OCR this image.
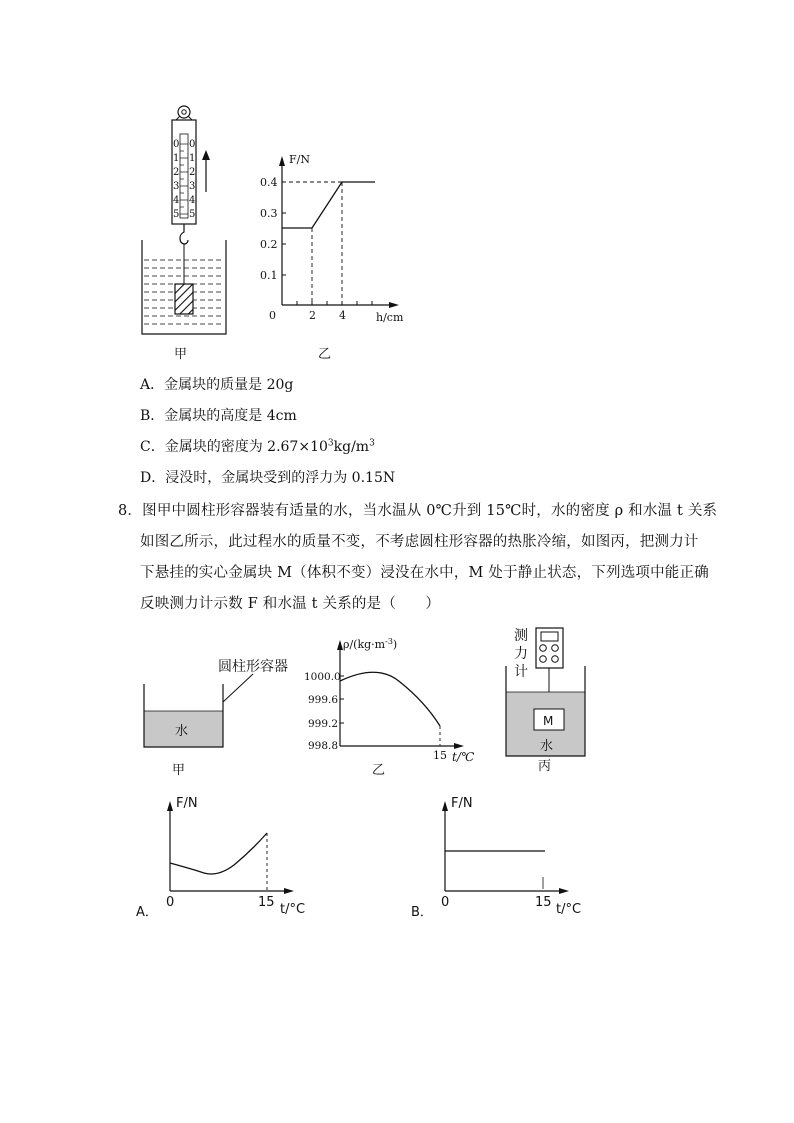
0 0
1 1
2 2
3 3
4 4
5 5
甲
F/N
h/cm
0
0.4
0.3
0.2
0.1
2 4
乙
A．金属块的质量是 20g
B．金属块的高度是 4cm
C．金属块的密度为 $2.67\times 10^3kg/m^3$
D．浸没时，金属块受到的浮力为 0.15N
8．图甲中圆柱形容器装有适量的水，当水温从 0℃升到 15℃时，水的密度 ρ 和水温 t 关系
如图乙所示，此过程水的质量不变，不考虑圆柱形容器的热胀冷缩，如图丙，把测力计
下悬挂的实心金属块 M（体积不变）浸没在水中，M 处于静止状态，下列选项中能正确
反映测力计示数 F 和水温 t 关系的是（　　）
圆柱形容器
水
甲
$\rho/(kg\cdot m^{-3})$
1000.0
999.6
999.2
998.8
15 t/℃
乙
测
力
计
M
水
丙
F/N
0	15 t/°C
A．
F/N
0	15 t/°C
B．
